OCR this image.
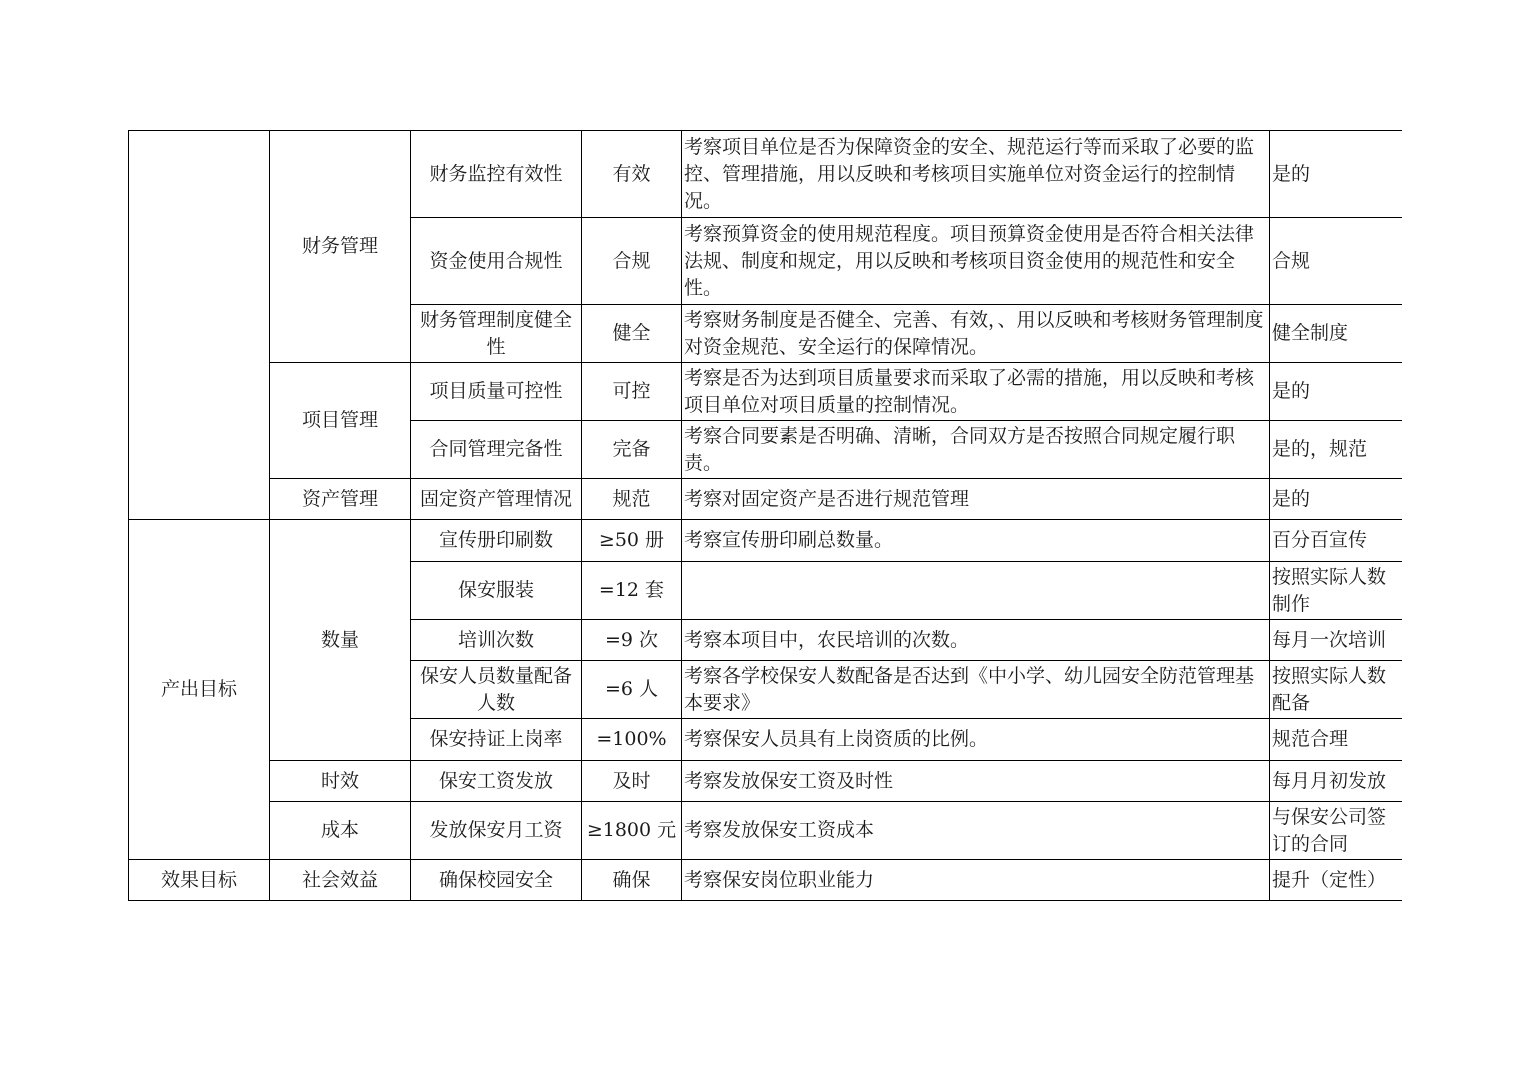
	财务管理	财务监控有效性	有效	考察项目单位是否为保障资金的安全、规范运行等而采取了必要的监控、管理措施，用以反映和考核项目实施单位对资金运行的控制情况。	是的
		资金使用合规性	合规	考察预算资金的使用规范程度。项目预算资金使用是否符合相关法律法规、制度和规定，用以反映和考核项目资金使用的规范性和安全性。	合规
		财务管理制度健全性	健全	考察财务制度是否健全、完善、有效，、用以反映和考核财务管理制度对资金规范、安全运行的保障情况。	健全制度
	项目管理	项目质量可控性	可控	考察是否为达到项目质量要求而采取了必需的措施，用以反映和考核项目单位对项目质量的控制情况。	是的
		合同管理完备性	完备	考察合同要素是否明确、清晰，合同双方是否按照合同规定履行职责。	是的，规范
	资产管理	固定资产管理情况	规范	考察对固定资产是否进行规范管理	是的
产出目标	数量	宣传册印刷数	≥50 册	考察宣传册印刷总数量。	百分百宣传
		保安服装	=12 套		按照实际人数制作
		培训次数	=9 次	考察本项目中，农民培训的次数。	每月一次培训
		保安人员数量配备人数	=6 人	考察各学校保安人数配备是否达到《中小学、幼儿园安全防范管理基本要求》	按照实际人数配备
		保安持证上岗率	=100%	考察保安人员具有上岗资质的比例。	规范合理
	时效	保安工资发放	及时	考察发放保安工资及时性	每月月初发放
	成本	发放保安月工资	≥1800 元	考察发放保安工资成本	与保安公司签订的合同
效果目标	社会效益	确保校园安全	确保	考察保安岗位职业能力	提升（定性）
